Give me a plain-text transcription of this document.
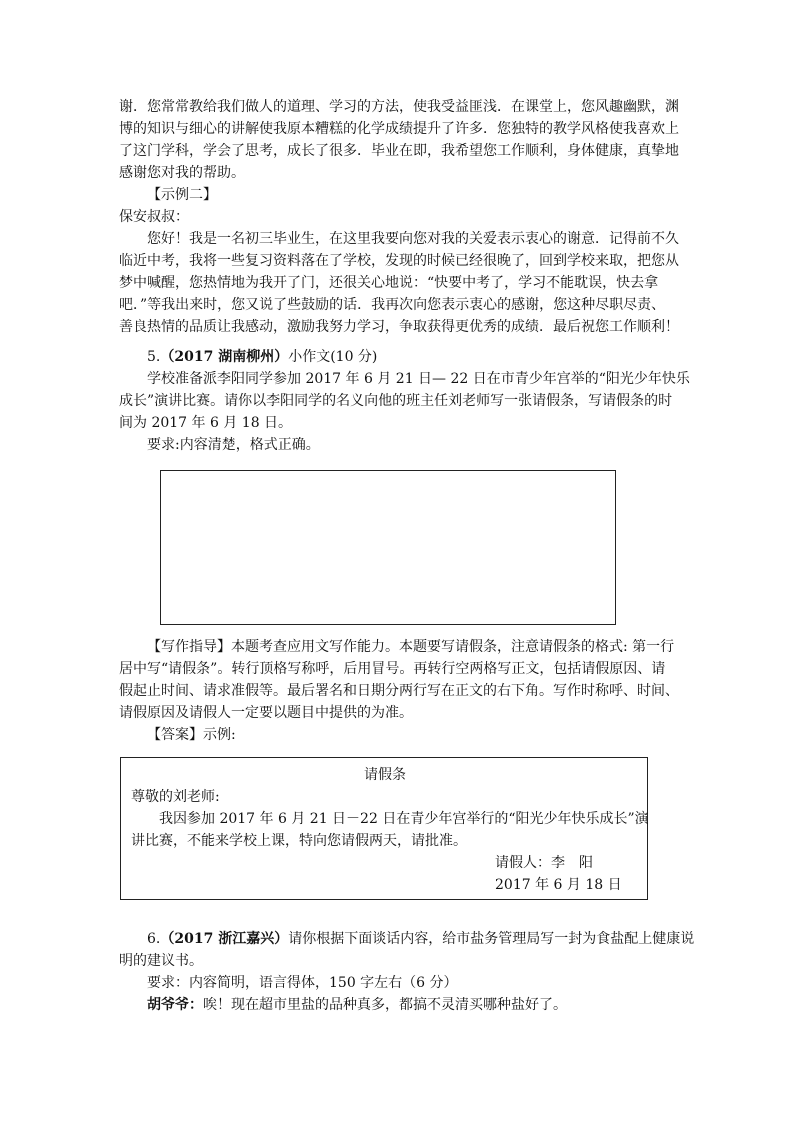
谢．您常常教给我们做人的道理、学习的方法，使我受益匪浅．在课堂上，您风趣幽默，渊
博的知识与细心的讲解使我原本糟糕的化学成绩提升了许多．您独特的教学风格使我喜欢上
了这门学科，学会了思考，成长了很多．毕业在即，我希望您工作顺利，身体健康，真挚地
感谢您对我的帮助。
【示例二】
保安叔叔：
您好！我是一名初三毕业生，在这里我要向您对我的关爱表示衷心的谢意．记得前不久
临近中考，我将一些复习资料落在了学校，发现的时候已经很晚了，回到学校来取，把您从
梦中喊醒，您热情地为我开了门，还很关心地说：“快要中考了，学习不能耽误，快去拿
吧．”等我出来时，您又说了些鼓励的话．我再次向您表示衷心的感谢，您这种尽职尽责、
善良热情的品质让我感动，激励我努力学习，争取获得更优秀的成绩．最后祝您工作顺利！
5.（2017 湖南柳州）小作文(10 分)
学校准备派李阳同学参加 2017 年 6 月 21 日— 22 日在市青少年宫举的“阳光少年快乐
成长”演讲比赛。请你以李阳同学的名义向他的班主任刘老师写一张请假条，写请假条的时
间为 2017 年 6 月 18 日。
要求:内容清楚，格式正确。
【写作指导】本题考查应用文写作能力。本题要写请假条，注意请假条的格式: 第一行
居中写“请假条”。转行顶格写称呼，后用冒号。再转行空两格写正文，包括请假原因、请
假起止时间、请求准假等。最后署名和日期分两行写在正文的右下角。写作时称呼、时间、
请假原因及请假人一定要以题目中提供的为准。
【答案】示例:
请假条
尊敬的刘老师:
我因参加 2017 年 6 月 21 日－22 日在青少年宫举行的“阳光少年快乐成长”演
讲比赛，不能来学校上课，特向您请假两天，请批准。
请假人：李　阳
2017 年 6 月 18 日
6.（2017 浙江嘉兴）请你根据下面谈话内容，给市盐务管理局写一封为食盐配上健康说
明的建议书。
要求：内容简明，语言得体，150 字左右（6 分）
胡爷爷：唉！现在超市里盐的品种真多，都搞不灵清买哪种盐好了。
